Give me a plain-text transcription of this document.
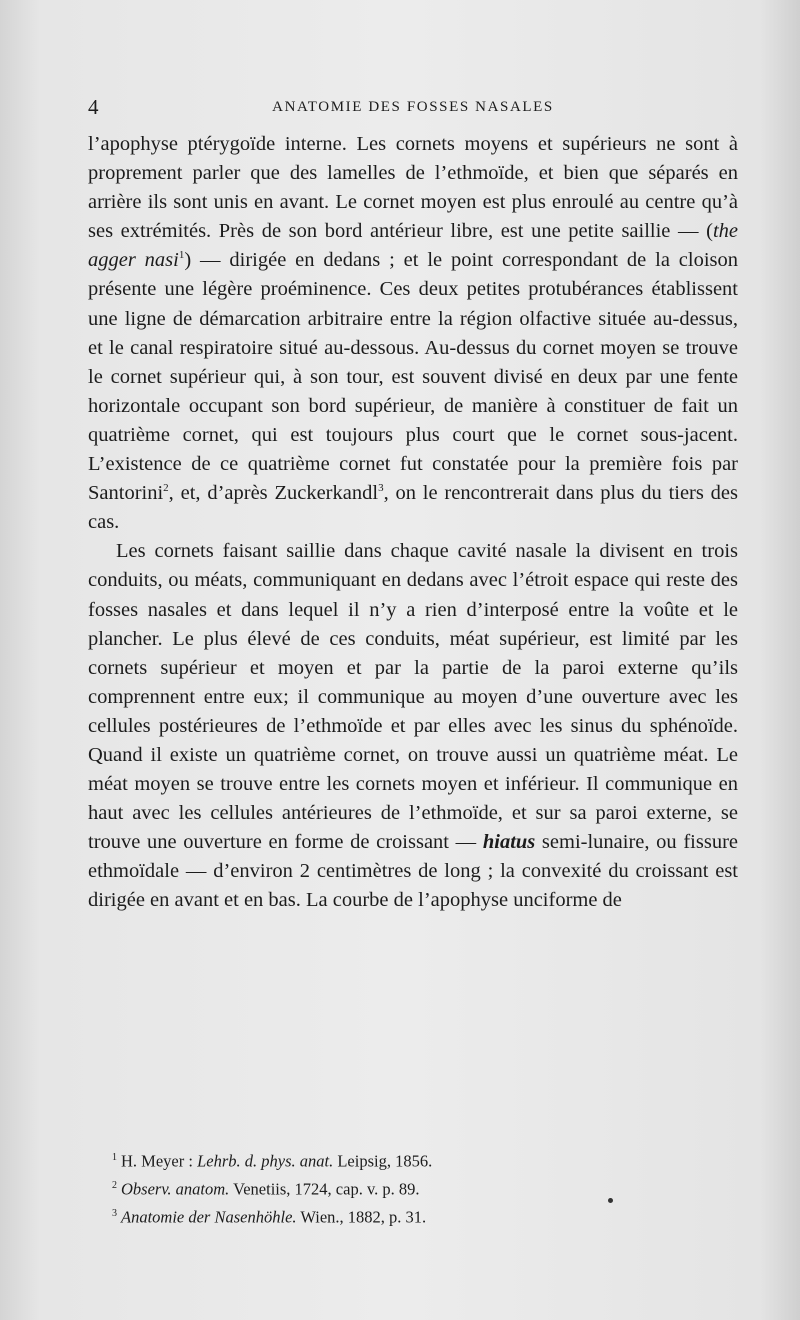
4	ANATOMIE DES FOSSES NASALES

l’apophyse ptérygoïde interne. Les cornets moyens et supérieurs ne sont à proprement parler que des lamelles de l’ethmoïde, et bien que séparés en arrière ils sont unis en avant. Le cornet moyen est plus enroulé au centre qu’à ses extrémités. Près de son bord antérieur libre, est une petite saillie — (the agger nasi$^1$) — dirigée en dedans ; et le point correspondant de la cloison présente une légère proéminence. Ces deux petites protubérances établissent une ligne de démarcation arbitraire entre la région olfactive située au-dessus, et le canal respiratoire situé au-dessous. Au-dessus du cornet moyen se trouve le cornet supérieur qui, à son tour, est souvent divisé en deux par une fente horizontale occupant son bord supérieur, de manière à constituer de fait un quatrième cornet, qui est toujours plus court que le cornet sous-jacent. L’existence de ce quatrième cornet fut constatée pour la première fois par Santorini$^2$, et, d’après Zuckerkandl$^3$, on le rencontrerait dans plus du tiers des cas.

Les cornets faisant saillie dans chaque cavité nasale la divisent en trois conduits, ou méats, communiquant en dedans avec l’étroit espace qui reste des fosses nasales et dans lequel il n’y a rien d’interposé entre la voûte et le plancher. Le plus élevé de ces conduits, méat supérieur, est limité par les cornets supérieur et moyen et par la partie de la paroi externe qu’ils comprennent entre eux; il communique au moyen d’une ouverture avec les cellules postérieures de l’ethmoïde et par elles avec les sinus du sphénoïde. Quand il existe un quatrième cornet, on trouve aussi un quatrième méat. Le méat moyen se trouve entre les cornets moyen et inférieur. Il communique en haut avec les cellules antérieures de l’ethmoïde, et sur sa paroi externe, se trouve une ouverture en forme de croissant — hiatus semi-lunaire, ou fissure ethmoïdale — d’environ 2 centimètres de long ; la convexité du croissant est dirigée en avant et en bas. La courbe de l’apophyse unciforme de

$^1$ H. Meyer : Lehrb. d. phys. anat. Leipsig, 1856.
$^2$ Observ. anatom. Venetiis, 1724, cap. v. p. 89.
$^3$ Anatomie der Nasenhöhle. Wien., 1882, p. 31.
